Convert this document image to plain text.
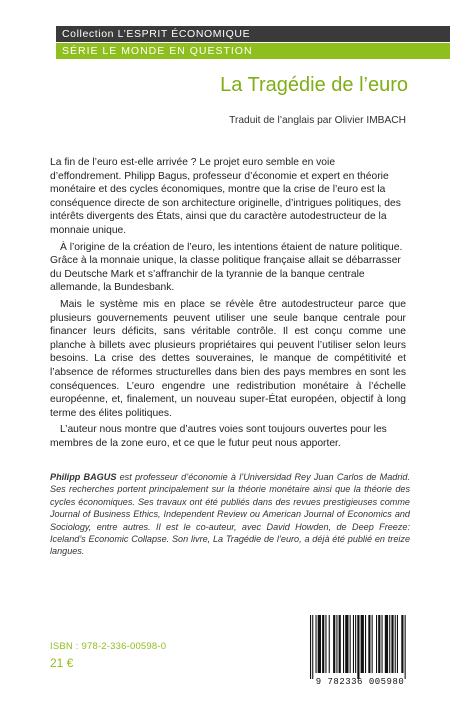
Collection L’ESPRIT ÉCONOMIQUE
SÉRIE LE MONDE EN QUESTION
La Tragédie de l’euro
Traduit de l’anglais par Olivier IMBACH

La fin de l’euro est-elle arrivée ? Le projet euro semble en voie d’effondrement. Philipp Bagus, professeur d’économie et expert en théorie monétaire et des cycles économiques, montre que la crise de l’euro est la conséquence directe de son architecture originelle, d’intrigues politiques, des intérêts divergents des États, ainsi que du caractère autodestructeur de la monnaie unique.

À l’origine de la création de l’euro, les intentions étaient de nature politique. Grâce à la monnaie unique, la classe politique française allait se débarrasser du Deutsche Mark et s’affranchir de la tyrannie de la banque centrale allemande, la Bundesbank.

Mais le système mis en place se révèle être autodestructeur parce que plusieurs gouvernements peuvent utiliser une seule banque centrale pour financer leurs déficits, sans véritable contrôle. Il est conçu comme une planche à billets avec plusieurs propriétaires qui peuvent l’utiliser selon leurs besoins. La crise des dettes souveraines, le manque de compétitivité et l’absence de réformes structurelles dans bien des pays membres en sont les conséquences. L’euro engendre une redistribution monétaire à l’échelle européenne, et, finalement, un nouveau super-État européen, objectif à long terme des élites politiques.

L’auteur nous montre que d’autres voies sont toujours ouvertes pour les membres de la zone euro, et ce que le futur peut nous apporter.

Philipp BAGUS est professeur d’économie à l’Universidad Rey Juan Carlos de Madrid. Ses recherches portent principalement sur la théorie monétaire ainsi que la théorie des cycles économiques. Ses travaux ont été publiés dans des revues prestigieuses comme Journal of Business Ethics, Independent Review ou American Journal of Economics and Sociology, entre autres. Il est le co-auteur, avec David Howden, de Deep Freeze: Iceland’s Economic Collapse. Son livre, La Tragédie de l’euro, a déjà été publié en treize langues.
ISBN : 978-2-336-00598-0
21 €
9 782336 005980
